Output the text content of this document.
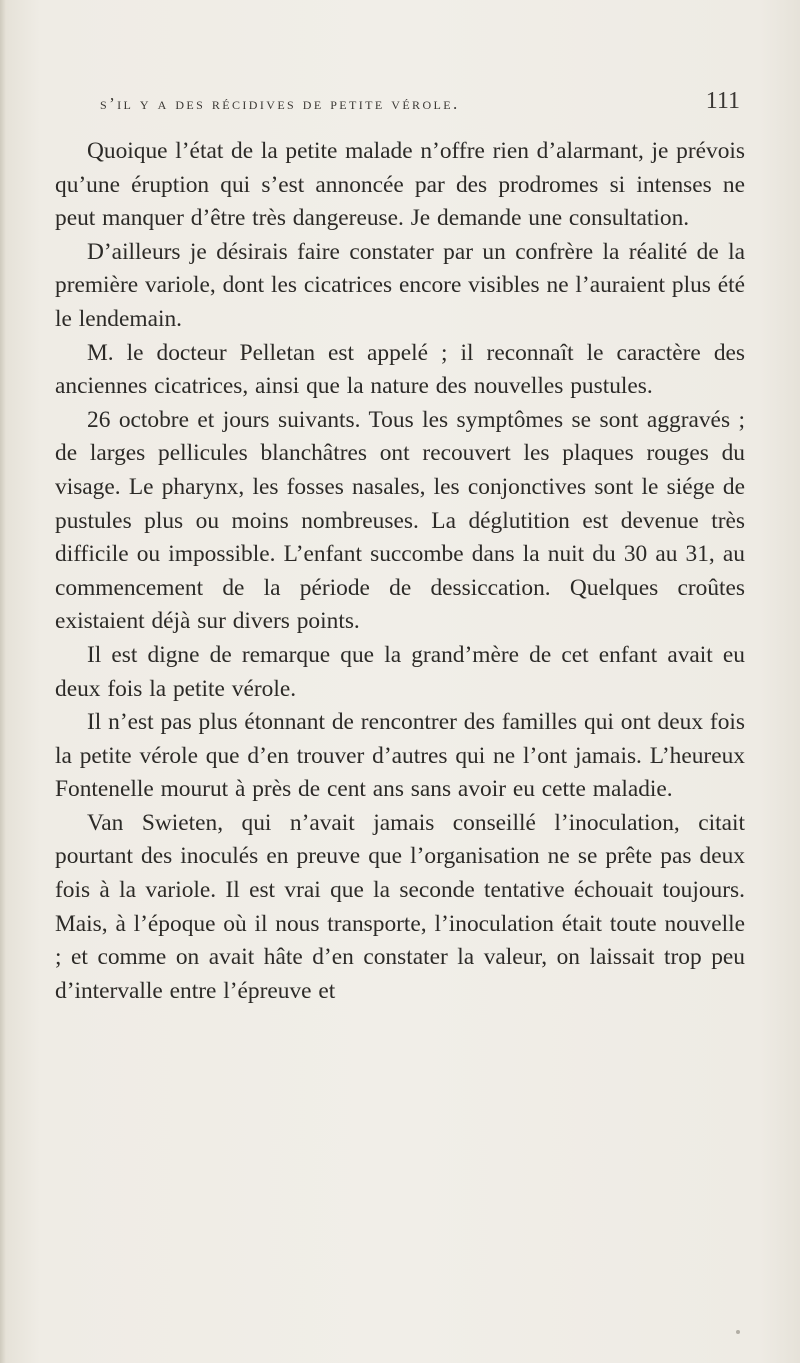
s’il y a des récidives de petite vérole.	111

Quoique l’état de la petite malade n’offre rien d’alarmant, je prévois qu’une éruption qui s’est annoncée par des prodromes si intenses ne peut manquer d’être très dangereuse. Je demande une consultation.

D’ailleurs je désirais faire constater par un confrère la réalité de la première variole, dont les cicatrices encore visibles ne l’auraient plus été le lendemain.

M. le docteur Pelletan est appelé ; il reconnaît le caractère des anciennes cicatrices, ainsi que la nature des nouvelles pustules.

26 octobre et jours suivants. Tous les symptômes se sont aggravés ; de larges pellicules blanchâtres ont recouvert les plaques rouges du visage. Le pharynx, les fosses nasales, les conjonctives sont le siége de pustules plus ou moins nombreuses. La déglutition est devenue très difficile ou impossible. L’enfant succombe dans la nuit du 30 au 31, au commencement de la période de dessiccation. Quelques croûtes existaient déjà sur divers points.

Il est digne de remarque que la grand’mère de cet enfant avait eu deux fois la petite vérole.

Il n’est pas plus étonnant de rencontrer des familles qui ont deux fois la petite vérole que d’en trouver d’autres qui ne l’ont jamais. L’heureux Fontenelle mourut à près de cent ans sans avoir eu cette maladie.

Van Swieten, qui n’avait jamais conseillé l’inoculation, citait pourtant des inoculés en preuve que l’organisation ne se prête pas deux fois à la variole. Il est vrai que la seconde tentative échouait toujours. Mais, à l’époque où il nous transporte, l’inoculation était toute nouvelle ; et comme on avait hâte d’en constater la valeur, on laissait trop peu d’intervalle entre l’épreuve et
